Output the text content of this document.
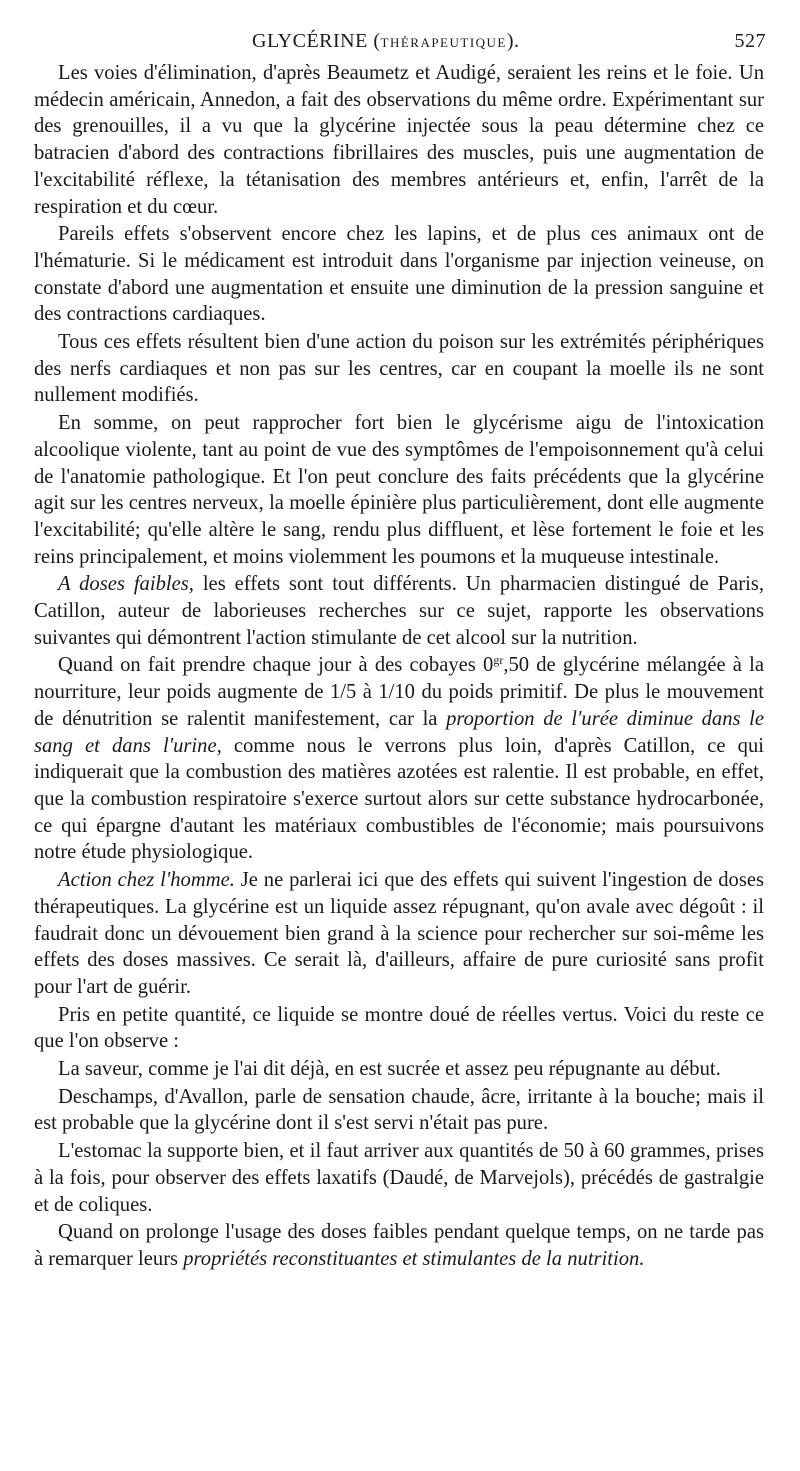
GLYCÉRINE (THÉRAPEUTIQUE).	527

Les voies d'élimination, d'après Beaumetz et Audigé, seraient les reins et le foie. Un médecin américain, Annedon, a fait des observations du même ordre. Expérimentant sur des grenouilles, il a vu que la glycérine injectée sous la peau détermine chez ce batracien d'abord des contractions fibrillaires des muscles, puis une augmentation de l'excitabilité réflexe, la tétanisation des membres antérieurs et, enfin, l'arrêt de la respiration et du cœur.

Pareils effets s'observent encore chez les lapins, et de plus ces animaux ont de l'hématurie. Si le médicament est introduit dans l'organisme par injection veineuse, on constate d'abord une augmentation et ensuite une diminution de la pression sanguine et des contractions cardiaques.

Tous ces effets résultent bien d'une action du poison sur les extrémités périphériques des nerfs cardiaques et non pas sur les centres, car en coupant la moelle ils ne sont nullement modifiés.

En somme, on peut rapprocher fort bien le glycérisme aigu de l'intoxication alcoolique violente, tant au point de vue des symptômes de l'empoisonnement qu'à celui de l'anatomie pathologique. Et l'on peut conclure des faits précédents que la glycérine agit sur les centres nerveux, la moelle épinière plus particulièrement, dont elle augmente l'excitabilité; qu'elle altère le sang, rendu plus diffluent, et lèse fortement le foie et les reins principalement, et moins violemment les poumons et la muqueuse intestinale.

A doses faibles, les effets sont tout différents. Un pharmacien distingué de Paris, Catillon, auteur de laborieuses recherches sur ce sujet, rapporte les observations suivantes qui démontrent l'action stimulante de cet alcool sur la nutrition.

Quand on fait prendre chaque jour à des cobayes $0^{gr},50$ de glycérine mélangée à la nourriture, leur poids augmente de 1/5 à 1/10 du poids primitif. De plus le mouvement de dénutrition se ralentit manifestement, car la proportion de l'urée diminue dans le sang et dans l'urine, comme nous le verrons plus loin, d'après Catillon, ce qui indiquerait que la combustion des matières azotées est ralentie. Il est probable, en effet, que la combustion respiratoire s'exerce surtout alors sur cette substance hydrocarbonée, ce qui épargne d'autant les matériaux combustibles de l'économie; mais poursuivons notre étude physiologique.

Action chez l'homme. Je ne parlerai ici que des effets qui suivent l'ingestion de doses thérapeutiques. La glycérine est un liquide assez répugnant, qu'on avale avec dégoût : il faudrait donc un dévouement bien grand à la science pour rechercher sur soi-même les effets des doses massives. Ce serait là, d'ailleurs, affaire de pure curiosité sans profit pour l'art de guérir.

Pris en petite quantité, ce liquide se montre doué de réelles vertus. Voici du reste ce que l'on observe :

La saveur, comme je l'ai dit déjà, en est sucrée et assez peu répugnante au début.

Deschamps, d'Avallon, parle de sensation chaude, âcre, irritante à la bouche; mais il est probable que la glycérine dont il s'est servi n'était pas pure.

L'estomac la supporte bien, et il faut arriver aux quantités de 50 à 60 grammes, prises à la fois, pour observer des effets laxatifs (Daudé, de Marvejols), précédés de gastralgie et de coliques.

Quand on prolonge l'usage des doses faibles pendant quelque temps, on ne tarde pas à remarquer leurs propriétés reconstituantes et stimulantes de la nutrition.
